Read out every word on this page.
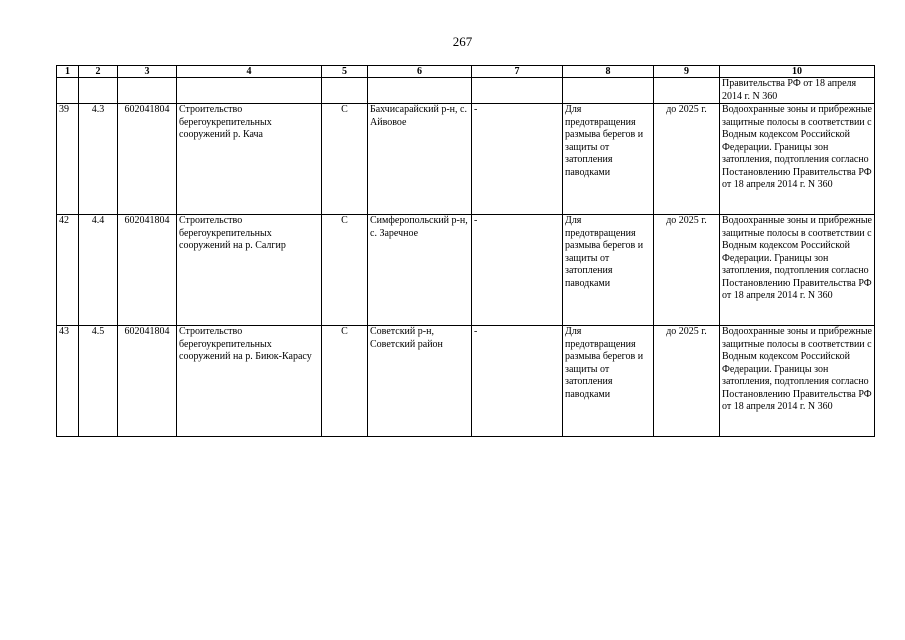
267
1	2	3	4	5	6	7	8	9	10
									Правительства РФ от 18 апреля 2014 г. N 360
39	4.3	602041804	Строительство берегоукрепительных сооружений р. Кача	С	Бахчисарайский р-н, с. Айвовое	-	Для предотвращения размыва берегов и защиты от затопления паводками	до 2025 г.	Водоохранные зоны и прибрежные защитные полосы в соответствии с Водным кодексом Российской Федерации. Границы зон затопления, подтопления согласно Постановлению Правительства РФ от 18 апреля 2014 г. N 360
42	4.4	602041804	Строительство берегоукрепительных сооружений на р. Салгир	С	Симферопольский р-н, с. Заречное	-	Для предотвращения размыва берегов и защиты от затопления паводками	до 2025 г.	Водоохранные зоны и прибрежные защитные полосы в соответствии с Водным кодексом Российской Федерации. Границы зон затопления, подтопления согласно Постановлению Правительства РФ от 18 апреля 2014 г. N 360
43	4.5	602041804	Строительство берегоукрепительных сооружений на р. Биюк-Карасу	С	Советский р-н, Советский район	-	Для предотвращения размыва берегов и защиты от затопления паводками	до 2025 г.	Водоохранные зоны и прибрежные защитные полосы в соответствии с Водным кодексом Российской Федерации. Границы зон затопления, подтопления согласно Постановлению Правительства РФ от 18 апреля 2014 г. N 360
